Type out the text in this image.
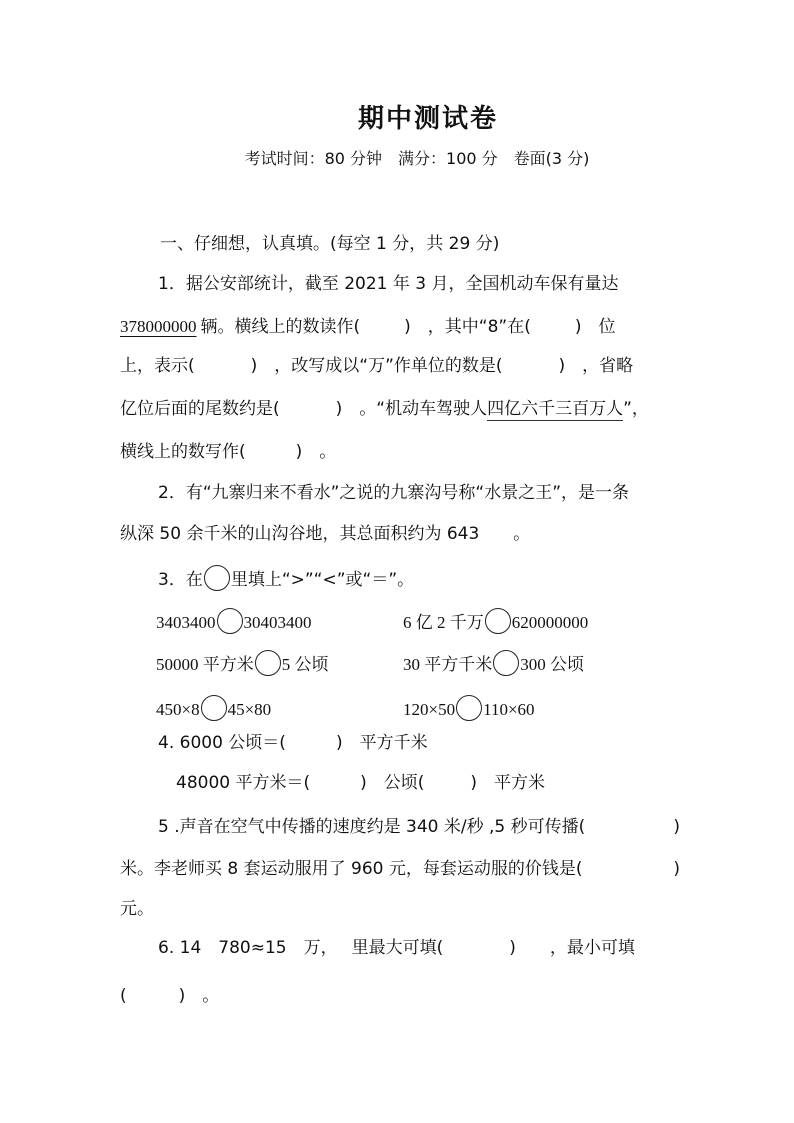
期中测试卷
考试时间：80 分钟　满分：100 分　卷面(3 分)
一、仔细想，认真填。(每空 1 分，共 29 分)
1．据公安部统计，截至 2021 年 3 月，全国机动车保有量达
378000000 辆。横线上的数读作(	)　，其中“8”在(	)　位
上，表示(	)　，改写成以“万”作单位的数是(	)　，省略
亿位后面的尾数约是(	)　。“机动车驾驶人四亿六千三百万人”，
横线上的数写作(	)　。
2．有“九寨归来不看水”之说的九寨沟号称“水景之王”，是一条
纵深 50 余千米的山沟谷地，其总面积约为 643　　。
3．在 里填上“>”“<”或“＝”。
3403400 30403400	6 亿 2 千万 620000000
50000 平方米 5 公顷	30 平方千米 300 公顷
450×8 45×80	120×50 110×60
4. 6000 公顷＝(	)　平方千米
48000 平方米＝(	)　公顷(	)　平方米
5 .声音在空气中传播的速度约是 340 米/秒 ,5 秒可传播(	)
米。李老师买 8 套运动服用了 960 元，每套运动服的价钱是(	)
元。
6. 14　780≈15　万， 里最大可填(	) ，最小可填
(	)　。
